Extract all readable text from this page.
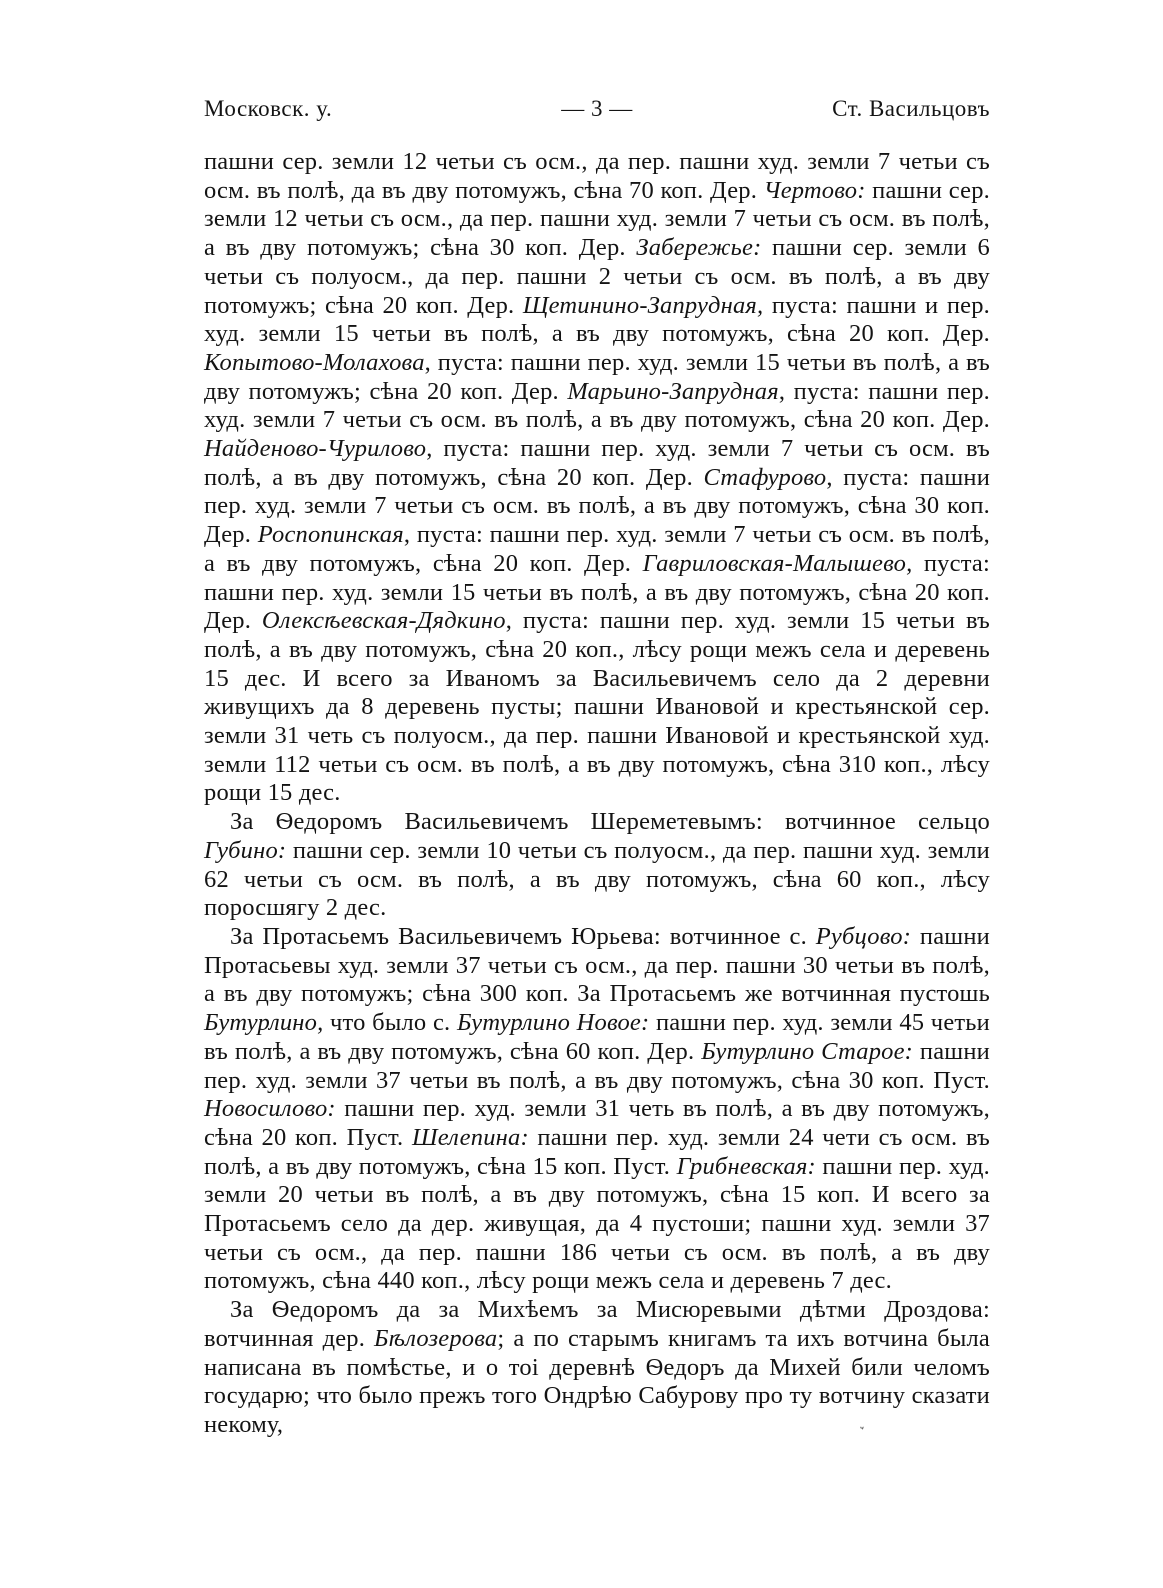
Московск. у.	— 3 —	Ст. Васильцовъ

пашни сер. земли 12 четьи съ осм., да пер. пашни худ. земли 7 четьи съ осм. въ полѣ, да въ дву потомужъ, сѣна 70 коп. Дер. Чертово: пашни сер. земли 12 четьи съ осм., да пер. пашни худ. земли 7 четьи съ осм. въ полѣ, а въ дву потомужъ; сѣна 30 коп. Дер. Забережье: пашни сер. земли 6 четьи съ полуосм., да пер. пашни 2 четьи съ осм. въ полѣ, а въ дву потомужъ; сѣна 20 коп. Дер. Щетинино-Запрудная, пуста: пашни и пер. худ. земли 15 четьи въ полѣ, а въ дву потомужъ, сѣна 20 коп. Дер. Копытово-Молахова, пуста: пашни пер. худ. земли 15 четьи въ полѣ, а въ дву потомужъ; сѣна 20 коп. Дер. Марьино-Запрудная, пуста: пашни пер. худ. земли 7 четьи съ осм. въ полѣ, а въ дву потомужъ, сѣна 20 коп. Дер. Найденово-Чурилово, пуста: пашни пер. худ. земли 7 четьи съ осм. въ полѣ, а въ дву потомужъ, сѣна 20 коп. Дер. Стафурово, пуста: пашни пер. худ. земли 7 четьи съ осм. въ полѣ, а въ дву потомужъ, сѣна 30 коп. Дер. Роспопинская, пуста: пашни пер. худ. земли 7 четьи съ осм. въ полѣ, а въ дву потомужъ, сѣна 20 коп. Дер. Гавриловская-Малышево, пуста: пашни пер. худ. земли 15 четьи въ полѣ, а въ дву потомужъ, сѣна 20 коп. Дер. Олексѣевская-Дядкино, пуста: пашни пер. худ. земли 15 четьи въ полѣ, а въ дву потомужъ, сѣна 20 коп., лѣсу рощи межъ села и деревень 15 дес. И всего за Иваномъ за Васильевичемъ село да 2 деревни живущихъ да 8 деревень пусты; пашни Ивановой и крестьянской сер. земли 31 четь съ полуосм., да пер. пашни Ивановой и крестьянской худ. земли 112 четьи съ осм. въ полѣ, а въ дву потомужъ, сѣна 310 коп., лѣсу рощи 15 дес.

За Ѳедоромъ Васильевичемъ Шереметевымъ: вотчинное сельцо Губино: пашни сер. земли 10 четьи съ полуосм., да пер. пашни худ. земли 62 четьи съ осм. въ полѣ, а въ дву потомужъ, сѣна 60 коп., лѣсу поросшягу 2 дес.

За Протасьемъ Васильевичемъ Юрьева: вотчинное с. Рубцово: пашни Протасьевы худ. земли 37 четьи съ осм., да пер. пашни 30 четьи въ полѣ, а въ дву потомужъ; сѣна 300 коп. За Протасьемъ же вотчинная пустошь Бутурлино, что было с. Бутурлино Новое: пашни пер. худ. земли 45 четьи въ полѣ, а въ дву потомужъ, сѣна 60 коп. Дер. Бутурлино Старое: пашни пер. худ. земли 37 четьи въ полѣ, а въ дву потомужъ, сѣна 30 коп. Пуст. Новосилово: пашни пер. худ. земли 31 четь въ полѣ, а въ дву потомужъ, сѣна 20 коп. Пуст. Шелепина: пашни пер. худ. земли 24 чети съ осм. въ полѣ, а въ дву потомужъ, сѣна 15 коп. Пуст. Грибневская: пашни пер. худ. земли 20 четьи въ полѣ, а въ дву потомужъ, сѣна 15 коп. И всего за Протасьемъ село да дер. живущая, да 4 пустоши; пашни худ. земли 37 четьи съ осм., да пер. пашни 186 четьи съ осм. въ полѣ, а въ дву потомужъ, сѣна 440 коп., лѣсу рощи межъ села и деревень 7 дес.

За Ѳедоромъ да за Михѣемъ за Мисюревыми дѣтми Дроздова: вотчинная дер. Бѣлозерова; а по старымъ книгамъ та ихъ вотчина была написана въ помѣстье, и о тоі деревнѣ Ѳедоръ да Михей били челомъ государю; что было прежъ того Ондрѣю Сабурову про ту вотчину сказати некому,	ꙿ
